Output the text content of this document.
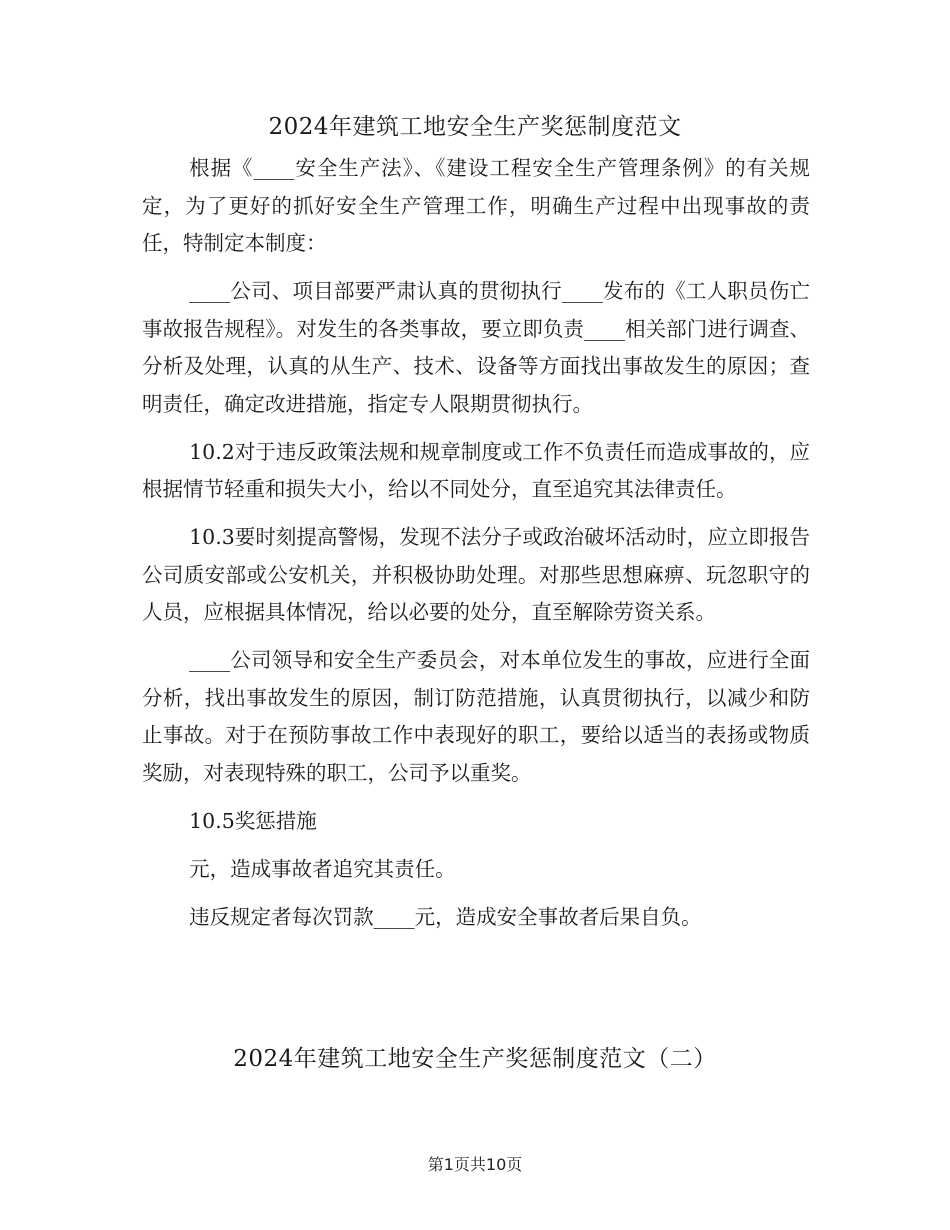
2024年建筑工地安全生产奖惩制度范文

根据《____安全生产法》、《建设工程安全生产管理条例》的有关规定，为了更好的抓好安全生产管理工作，明确生产过程中出现事故的责任，特制定本制度：

____公司、项目部要严肃认真的贯彻执行____发布的《工人职员伤亡事故报告规程》。对发生的各类事故，要立即负责____相关部门进行调查、分析及处理，认真的从生产、技术、设备等方面找出事故发生的原因；查明责任，确定改进措施，指定专人限期贯彻执行。

10.2对于违反政策法规和规章制度或工作不负责任而造成事故的，应根据情节轻重和损失大小，给以不同处分，直至追究其法律责任。

10.3要时刻提高警惕，发现不法分子或政治破坏活动时，应立即报告公司质安部或公安机关，并积极协助处理。对那些思想麻痹、玩忽职守的人员，应根据具体情况，给以必要的处分，直至解除劳资关系。

____公司领导和安全生产委员会，对本单位发生的事故，应进行全面分析，找出事故发生的原因，制订防范措施，认真贯彻执行，以减少和防止事故。对于在预防事故工作中表现好的职工，要给以适当的表扬或物质奖励，对表现特殊的职工，公司予以重奖。

10.5奖惩措施

元，造成事故者追究其责任。

违反规定者每次罚款____元，造成安全事故者后果自负。

2024年建筑工地安全生产奖惩制度范文（二）
第1页共10页
